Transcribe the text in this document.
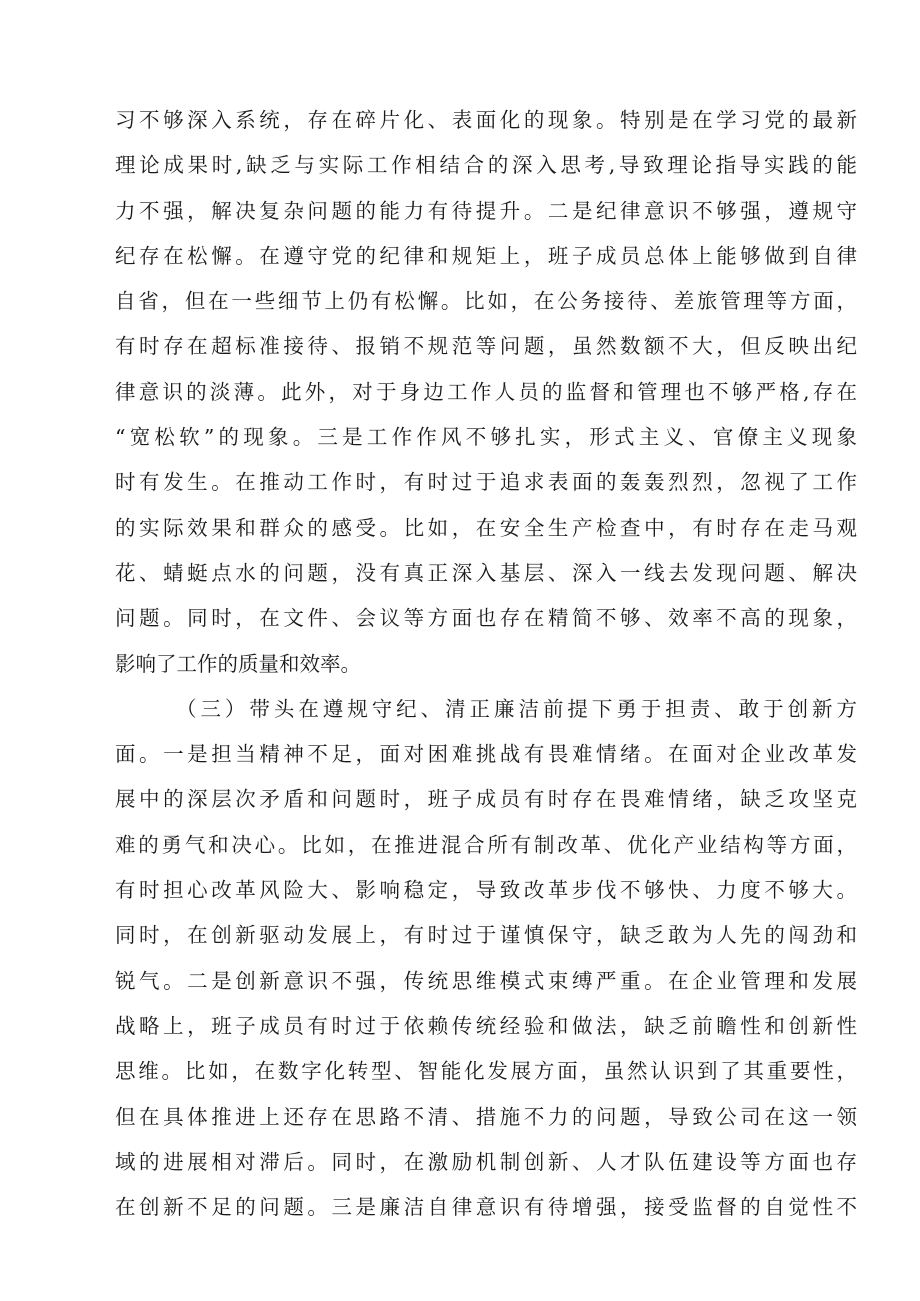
习不够深入系统，存在碎片化、表面化的现象。特别是在学习党的最新
理论成果时,缺乏与实际工作相结合的深入思考,导致理论指导实践的能
力不强，解决复杂问题的能力有待提升。二是纪律意识不够强，遵规守
纪存在松懈。在遵守党的纪律和规矩上，班子成员总体上能够做到自律
自省，但在一些细节上仍有松懈。比如，在公务接待、差旅管理等方面，
有时存在超标准接待、报销不规范等问题，虽然数额不大，但反映出纪
律意识的淡薄。此外，对于身边工作人员的监督和管理也不够严格,存在
“宽松软”的现象。三是工作作风不够扎实，形式主义、官僚主义现象
时有发生。在推动工作时，有时过于追求表面的轰轰烈烈，忽视了工作
的实际效果和群众的感受。比如，在安全生产检查中，有时存在走马观
花、蜻蜓点水的问题，没有真正深入基层、深入一线去发现问题、解决
问题。同时，在文件、会议等方面也存在精简不够、效率不高的现象，
影响了工作的质量和效率。
（三）带头在遵规守纪、清正廉洁前提下勇于担责、敢于创新方
面。一是担当精神不足，面对困难挑战有畏难情绪。在面对企业改革发
展中的深层次矛盾和问题时，班子成员有时存在畏难情绪，缺乏攻坚克
难的勇气和决心。比如，在推进混合所有制改革、优化产业结构等方面，
有时担心改革风险大、影响稳定，导致改革步伐不够快、力度不够大。
同时，在创新驱动发展上，有时过于谨慎保守，缺乏敢为人先的闯劲和
锐气。二是创新意识不强，传统思维模式束缚严重。在企业管理和发展
战略上，班子成员有时过于依赖传统经验和做法，缺乏前瞻性和创新性
思维。比如，在数字化转型、智能化发展方面，虽然认识到了其重要性，
但在具体推进上还存在思路不清、措施不力的问题，导致公司在这一领
域的进展相对滞后。同时，在激励机制创新、人才队伍建设等方面也存
在创新不足的问题。三是廉洁自律意识有待增强，接受监督的自觉性不
